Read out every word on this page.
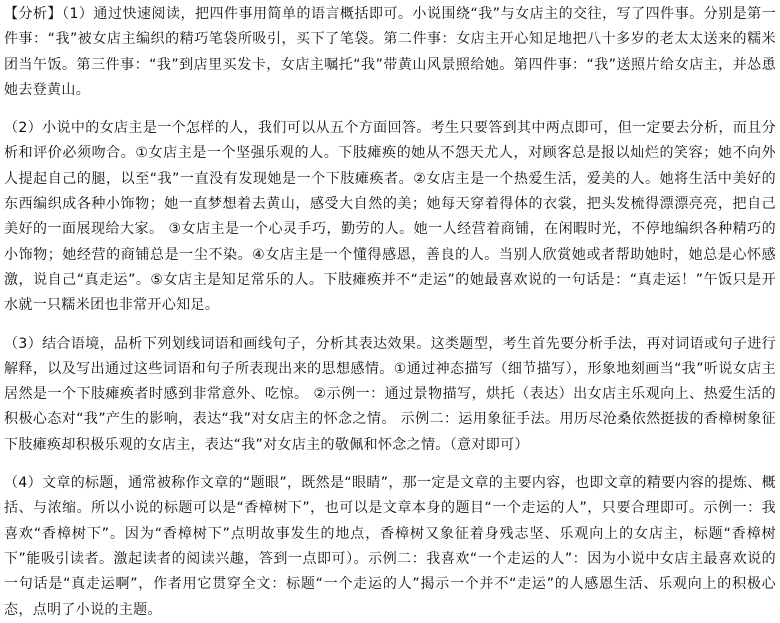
【分析】（1）通过快速阅读，把四件事用简单的语言概括即可。小说围绕“我”与女店主的交往，写了四件事。分别是第一件事：“我”被女店主编织的精巧笔袋所吸引，买下了笔袋。第二件事：女店主开心知足地把八十多岁的老太太送来的糯米团当午饭。第三件事：“我”到店里买发卡，女店主嘱托“我”带黄山风景照给她。第四件事：“我”送照片给女店主，并怂恿她去登黄山。

（2）小说中的女店主是一个怎样的人，我们可以从五个方面回答。考生只要答到其中两点即可，但一定要去分析，而且分析和评价必须吻合。①女店主是一个坚强乐观的人。下肢瘫痪的她从不怨天尤人，对顾客总是报以灿烂的笑容；她不向外人提起自己的腿，以至“我”一直没有发现她是一个下肢瘫痪者。②女店主是一个热爱生活，爱美的人。她将生活中美好的东西编织成各种小饰物；她一直梦想着去黄山，感受大自然的美；她每天穿着得体的衣裳，把头发梳得漂漂亮亮，把自己美好的一面展现给大家。 ③女店主是一个心灵手巧，勤劳的人。她一人经营着商铺，在闲暇时光，不停地编织各种精巧的小饰物；她经营的商铺总是一尘不染。④女店主是一个懂得感恩，善良的人。当别人欣赏她或者帮助她时，她总是心怀感激，说自己“真走运”。⑤女店主是知足常乐的人。下肢瘫痪并不“走运”的她最喜欢说的一句话是：“真走运！”午饭只是开水就一只糯米团也非常开心知足。

（3）结合语境，品析下列划线词语和画线句子，分析其表达效果。这类题型，考生首先要分析手法，再对词语或句子进行解释，以及写出通过这些词语和句子所表现出来的思想感情。①通过神态描写（细节描写），形象地刻画当“我”听说女店主居然是一个下肢瘫痪者时感到非常意外、吃惊。 ②示例一：通过景物描写，烘托（表达）出女店主乐观向上、热爱生活的积极心态对“我”产生的影响，表达“我”对女店主的怀念之情。 示例二：运用象征手法。用历尽沧桑依然挺拔的香樟树象征下肢瘫痪却积极乐观的女店主，表达“我”对女店主的敬佩和怀念之情。（意对即可）

（4）文章的标题，通常被称作文章的“题眼”，既然是“眼睛”，那一定是文章的主要内容，也即文章的精要内容的提炼、概括、与浓缩。所以小说的标题可以是“香樟树下”，也可以是文章本身的题目“一个走运的人”，只要合理即可。示例一：我喜欢“香樟树下”。因为“香樟树下”点明故事发生的地点，香樟树又象征着身残志坚、乐观向上的女店主，标题“香樟树下”能吸引读者。激起读者的阅读兴趣，答到一点即可）。示例二：我喜欢“一个走运的人”：因为小说中女店主最喜欢说的一句话是“真走运啊”，作者用它贯穿全文：标题“一个走运的人”揭示一个并不“走运”的人感恩生活、乐观向上的积极心态，点明了小说的主题。
